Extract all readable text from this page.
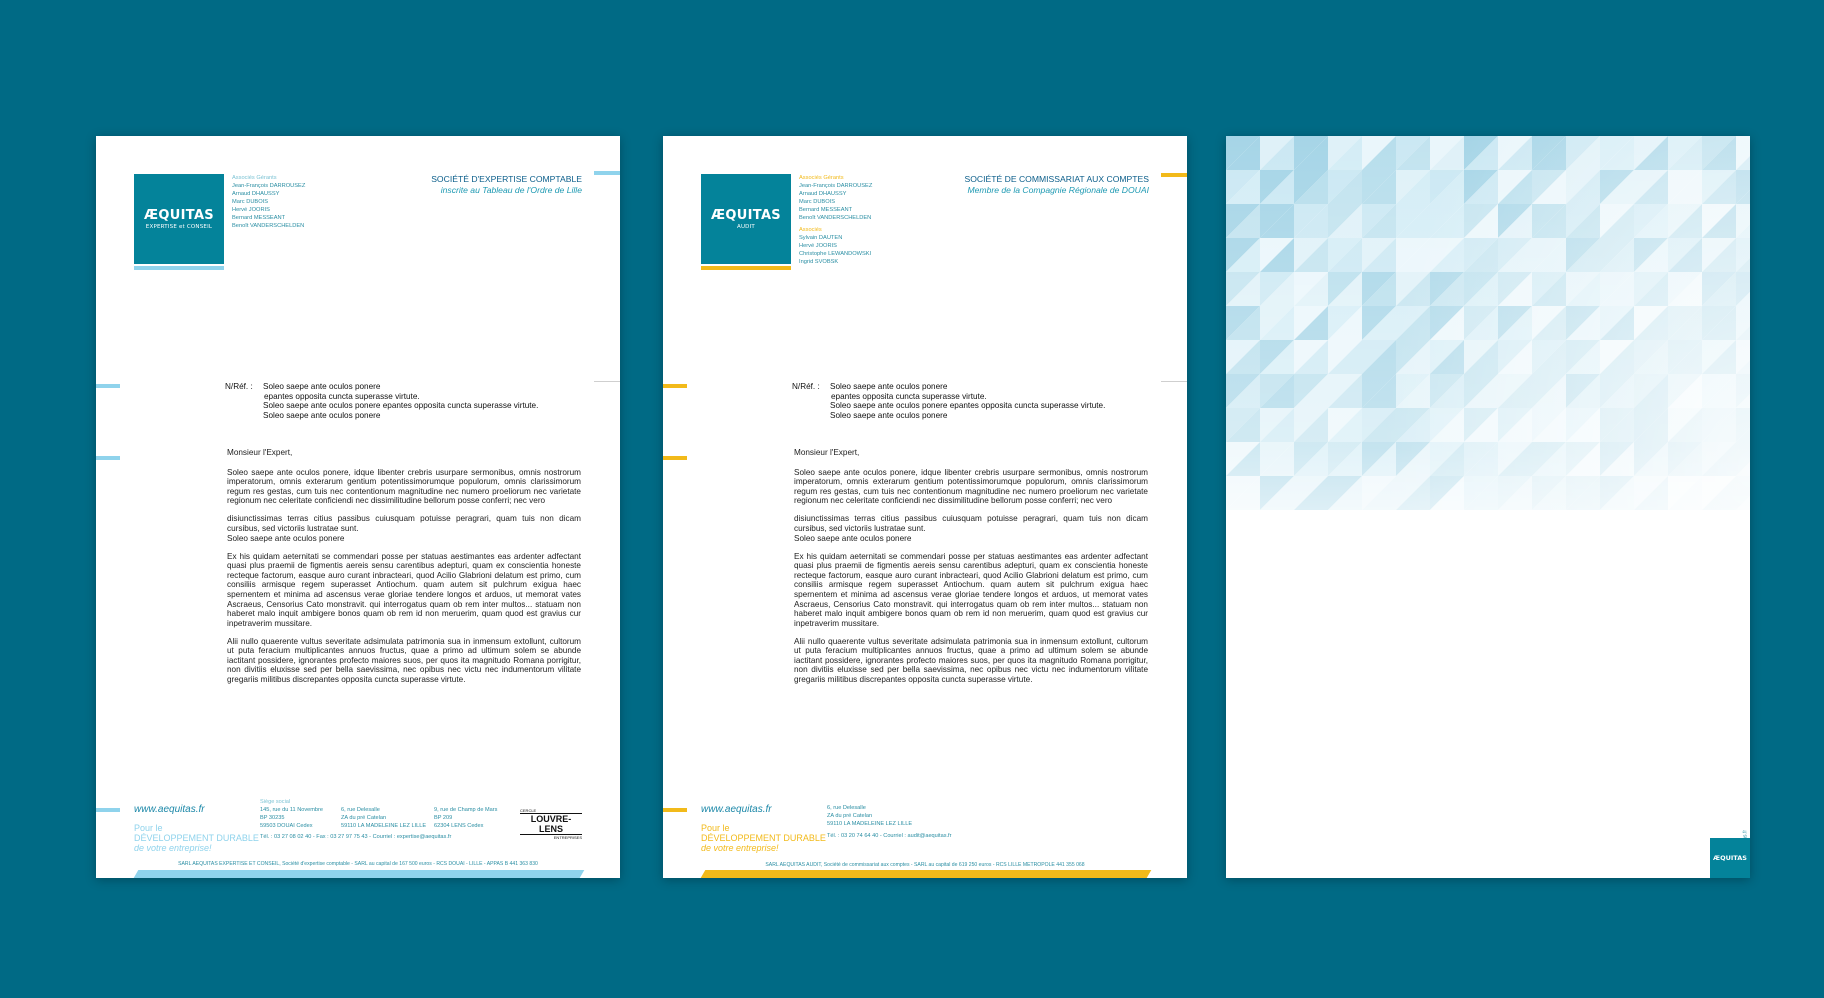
ÆQUITAS
EXPERTISE et CONSEIL
Associés Gérants
Jean-François DARROUSEZ
Arnaud DHAUSSY
Marc DUBOIS
Hervé JOORIS
Bernard MESSEANT
Benoît VANDERSCHELDEN
SOCIÉTÉ D'EXPERTISE COMPTABLE
inscrite au Tableau de l'Ordre de Lille
N/Réf. : Soleo saepe ante oculos ponere
epantes opposita cuncta superasse virtute.
Soleo saepe ante oculos ponere epantes opposita cuncta superasse virtute.
Soleo saepe ante oculos ponere
Monsieur l'Expert,
Soleo saepe ante oculos ponere, idque libenter crebris usurpare sermonibus, omnis nostrorum imperatorum, omnis exterarum gentium potentissimorumque populorum, omnis clarissimorum regum res gestas, cum tuis nec contentionum magnitudine nec numero proeliorum nec varietate regionum nec celeritate conficiendi nec dissimilitudine bellorum posse conferri; nec vero
disiunctissimas terras citius passibus cuiusquam potuisse peragrari, quam tuis non dicam cursibus, sed victoriis lustratae sunt.
Soleo saepe ante oculos ponere
Ex his quidam aeternitati se commendari posse per statuas aestimantes eas ardenter adfectant quasi plus praemii de figmentis aereis sensu carentibus adepturi, quam ex conscientia honeste recteque factorum, easque auro curant inbracteari, quod Acilio Glabrioni delatum est primo, cum consiliis armisque regem superasset Antiochum. quam autem sit pulchrum exigua haec spernentem et minima ad ascensus verae gloriae tendere longos et arduos, ut memorat vates Ascraeus, Censorius Cato monstravit. qui interrogatus quam ob rem inter multos... statuam non haberet malo inquit ambigere bonos quam ob rem id non meruerim, quam quod est gravius cur inpetraverim mussitare.
Alii nullo quaerente vultus severitate adsimulata patrimonia sua in inmensum extollunt, cultorum ut puta feracium multiplicantes annuos fructus, quae a primo ad ultimum solem se abunde iactitant possidere, ignorantes profecto maiores suos, per quos ita magnitudo Romana porrigitur, non divitiis eluxisse sed per bella saevissima, nec opibus nec victu nec indumentorum vilitate gregariis militibus discrepantes opposita cuncta superasse virtute.
www.aequitas.fr
Pour le
DÉVELOPPEMENT DURABLE
de votre entreprise!
Siège social
145, rue du 11 Novembre
BP 30235
59503 DOUAI Cedex
6, rue Delesalle
ZA du pré Catelan
59110 LA MADELEINE LEZ LILLE
9, rue de Champ de Mars
BP 209
62304 LENS Cedex
Tél. : 03 27 08 02 40 - Fax : 03 27 97 75 43 - Courriel : expertise@aequitas.fr
CERCLE
LOUVRE-LENS
ENTREPRISES
SARL AEQUITAS EXPERTISE ET CONSEIL, Société d'expertise comptable - SARL au capital de 167 500 euros - RCS DOUAI - LILLE - APPAS B 441 363 830
ÆQUITAS
AUDIT
Associés Gérants
Jean-François DARROUSEZ
Arnaud DHAUSSY
Marc DUBOIS
Bernard MESSEANT
Benoît VANDERSCHELDEN
Associés
Sylvain DAUTEN
Hervé JOORIS
Christophe LEWANDOWSKI
Ingrid SVOBSK
SOCIÉTÉ DE COMMISSARIAT AUX COMPTES
Membre de la Compagnie Régionale de DOUAI
N/Réf. : Soleo saepe ante oculos ponere
epantes opposita cuncta superasse virtute.
Soleo saepe ante oculos ponere epantes opposita cuncta superasse virtute.
Soleo saepe ante oculos ponere
Monsieur l'Expert,
Soleo saepe ante oculos ponere, idque libenter crebris usurpare sermonibus, omnis nostrorum imperatorum, omnis exterarum gentium potentissimorumque populorum, omnis clarissimorum regum res gestas, cum tuis nec contentionum magnitudine nec numero proeliorum nec varietate regionum nec celeritate conficiendi nec dissimilitudine bellorum posse conferri; nec vero
disiunctissimas terras citius passibus cuiusquam potuisse peragrari, quam tuis non dicam cursibus, sed victoriis lustratae sunt.
Soleo saepe ante oculos ponere
Ex his quidam aeternitati se commendari posse per statuas aestimantes eas ardenter adfectant quasi plus praemii de figmentis aereis sensu carentibus adepturi, quam ex conscientia honeste recteque factorum, easque auro curant inbracteari, quod Acilio Glabrioni delatum est primo, cum consiliis armisque regem superasset Antiochum. quam autem sit pulchrum exigua haec spernentem et minima ad ascensus verae gloriae tendere longos et arduos, ut memorat vates Ascraeus, Censorius Cato monstravit. qui interrogatus quam ob rem inter multos... statuam non haberet malo inquit ambigere bonos quam ob rem id non meruerim, quam quod est gravius cur inpetraverim mussitare.
Alii nullo quaerente vultus severitate adsimulata patrimonia sua in inmensum extollunt, cultorum ut puta feracium multiplicantes annuos fructus, quae a primo ad ultimum solem se abunde iactitant possidere, ignorantes profecto maiores suos, per quos ita magnitudo Romana porrigitur, non divitiis eluxisse sed per bella saevissima, nec opibus nec victu nec indumentorum vilitate gregariis militibus discrepantes opposita cuncta superasse virtute.
www.aequitas.fr
Pour le
DÉVELOPPEMENT DURABLE
de votre entreprise!
6, rue Delesalle
ZA du pré Catelan
59110 LA MADELEINE LEZ LILLE
Tél. : 03 20 74 64 40 - Courriel : audit@aequitas.fr
SARL AEQUITAS AUDIT, Société de commissariat aux comptes - SARL au capital de 619 250 euros - RCS LILLE METROPOLE 441 355 068
ÆQUITAS
